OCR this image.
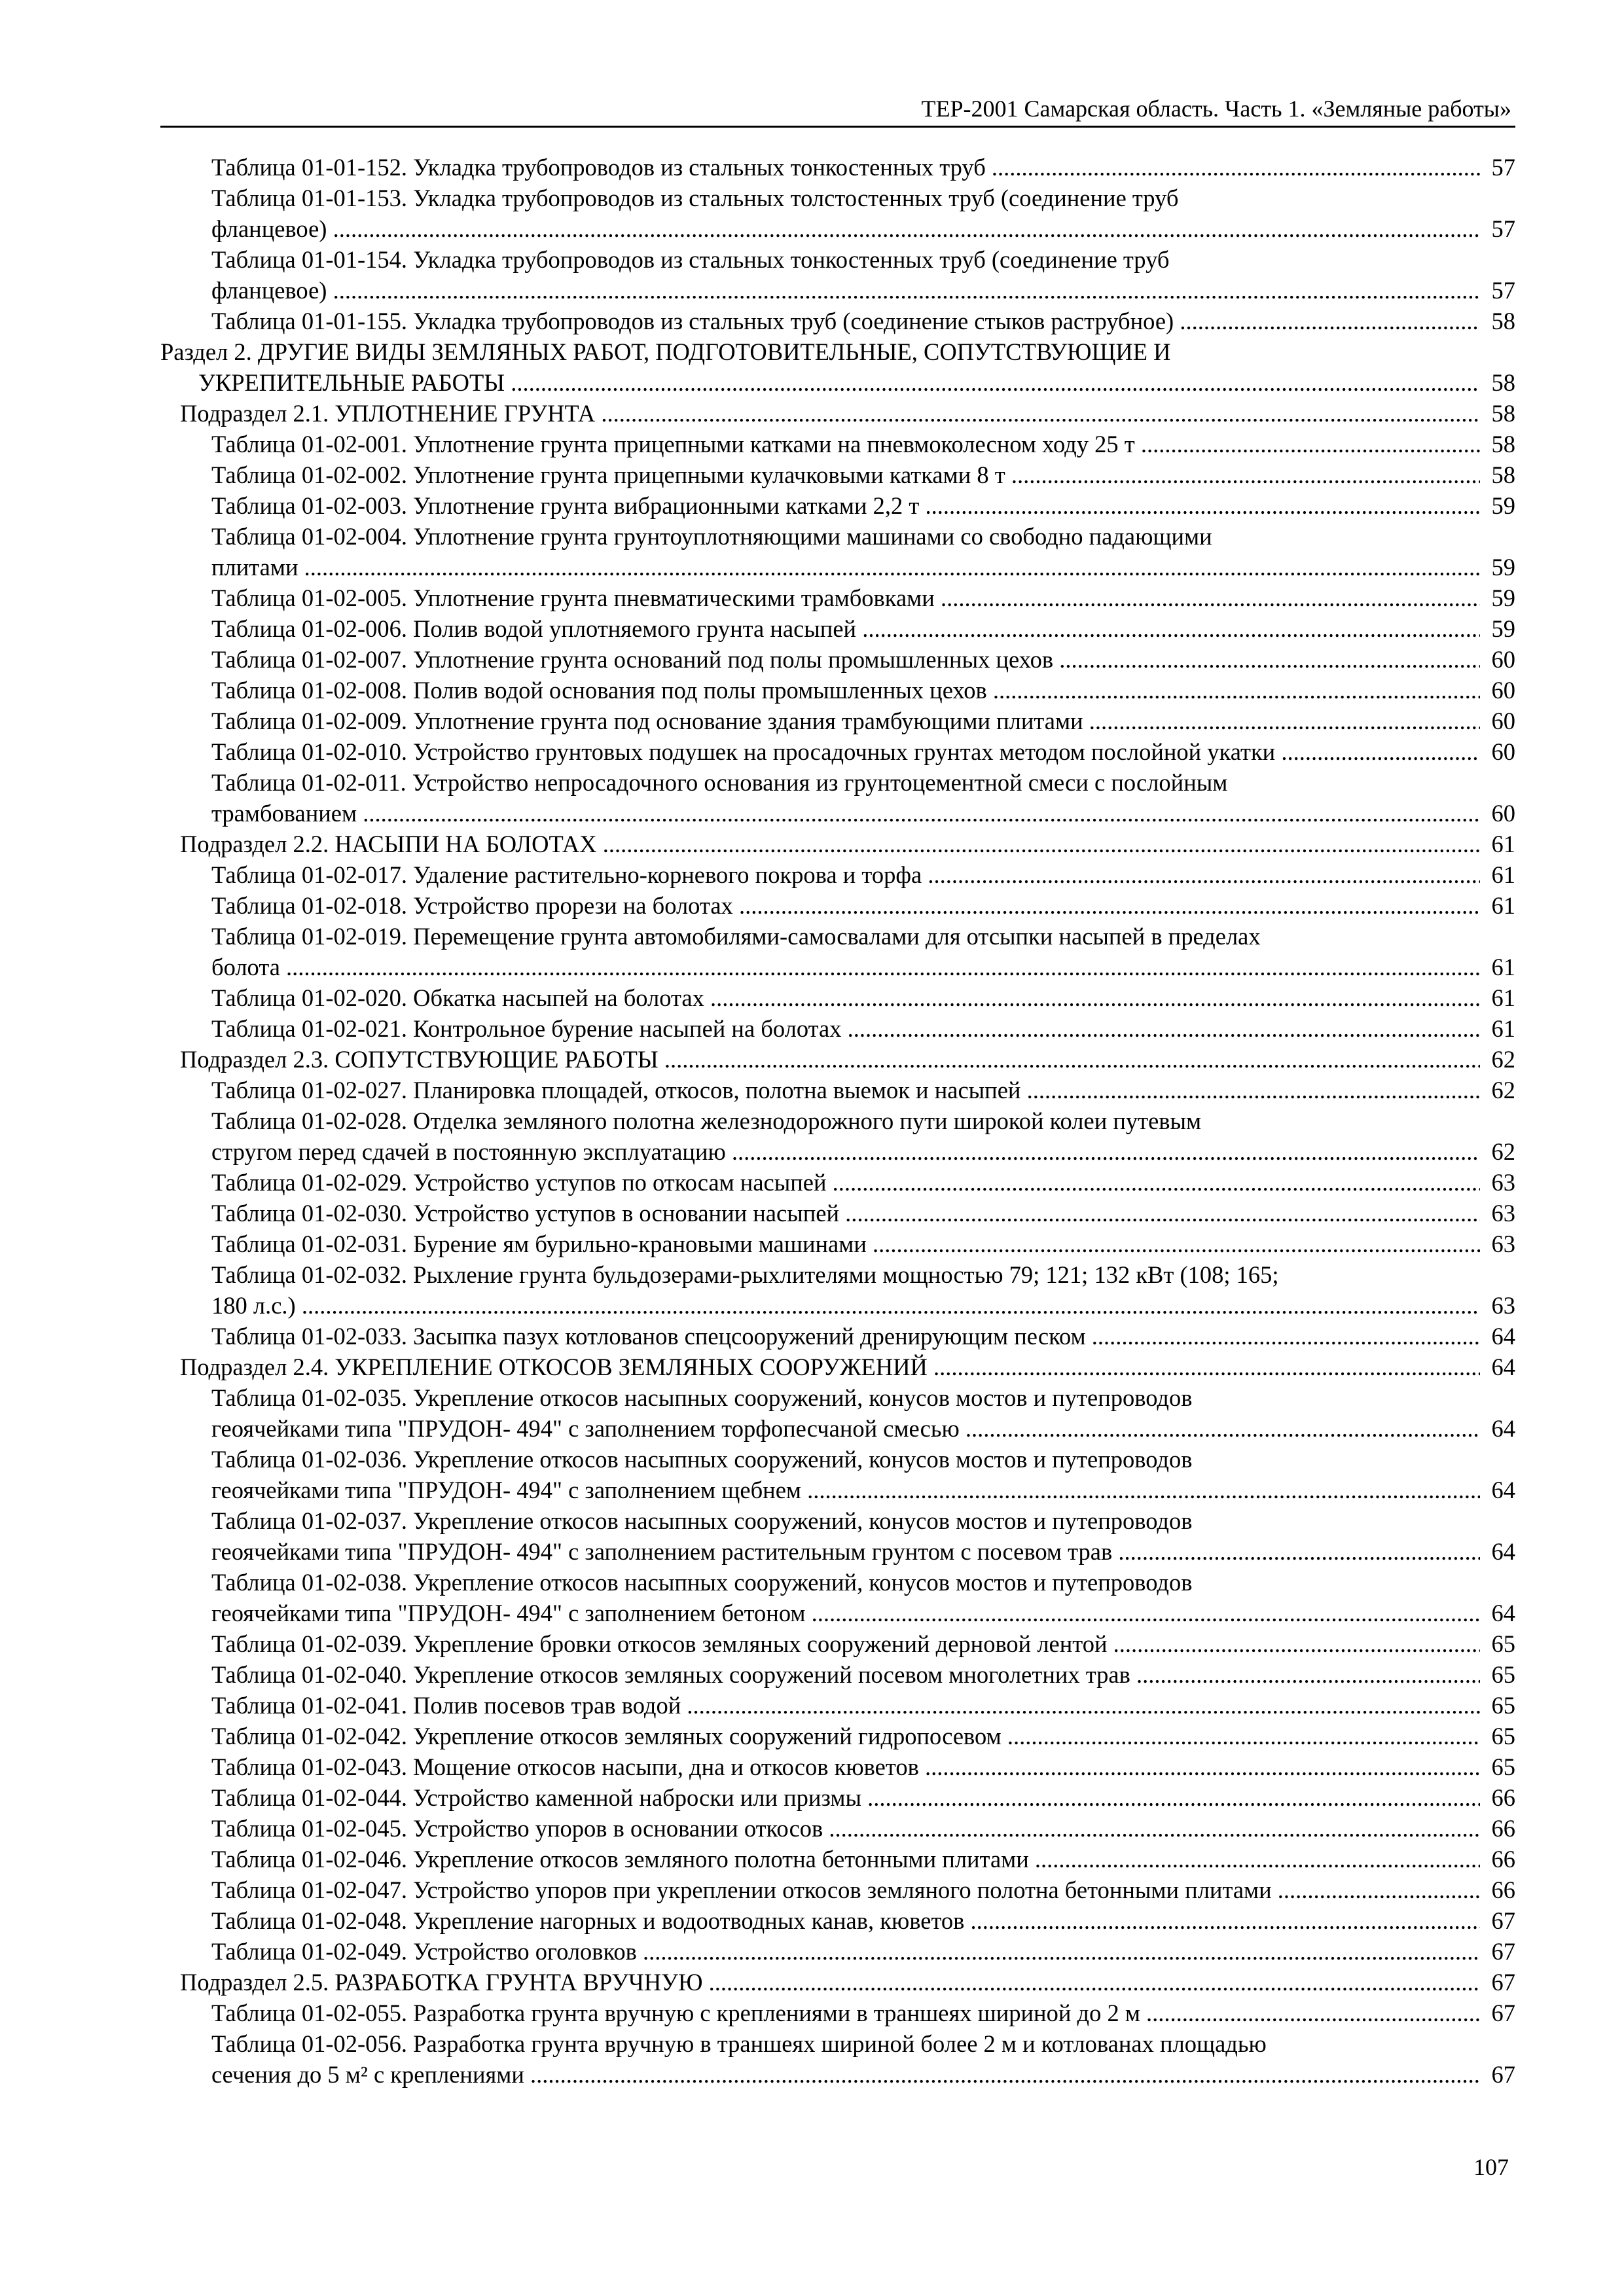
ТЕР-2001 Самарская область. Часть 1. «Земляные работы»
Таблица 01-01-152. Укладка трубопроводов из стальных тонкостенных труб .....	57
Таблица 01-01-153. Укладка трубопроводов из стальных толстостенных труб (соединение труб
фланцевое) .....	57
Таблица 01-01-154. Укладка трубопроводов из стальных тонкостенных труб (соединение труб
фланцевое) .....	57
Таблица 01-01-155. Укладка трубопроводов из стальных труб (соединение стыков раструбное) .....	58
Раздел 2. ДРУГИЕ ВИДЫ ЗЕМЛЯНЫХ РАБОТ, ПОДГОТОВИТЕЛЬНЫЕ, СОПУТСТВУЮЩИЕ И
УКРЕПИТЕЛЬНЫЕ РАБОТЫ .....	58
Подраздел 2.1. УПЛОТНЕНИЕ ГРУНТА .....	58
Таблица 01-02-001. Уплотнение грунта прицепными катками на пневмоколесном ходу 25 т .....	58
Таблица 01-02-002. Уплотнение грунта прицепными кулачковыми катками 8 т .....	58
Таблица 01-02-003. Уплотнение грунта вибрационными катками 2,2 т .....	59
Таблица 01-02-004. Уплотнение грунта грунтоуплотняющими машинами со свободно падающими
плитами .....	59
Таблица 01-02-005. Уплотнение грунта пневматическими трамбовками .....	59
Таблица 01-02-006. Полив водой уплотняемого грунта насыпей .....	59
Таблица 01-02-007. Уплотнение грунта оснований под полы промышленных цехов .....	60
Таблица 01-02-008. Полив водой основания под полы промышленных цехов .....	60
Таблица 01-02-009. Уплотнение грунта под основание здания трамбующими плитами .....	60
Таблица 01-02-010. Устройство грунтовых подушек на просадочных грунтах методом послойной укатки .....	60
Таблица 01-02-011. Устройство непросадочного основания из грунтоцементной смеси с послойным
трамбованием .....	60
Подраздел 2.2. НАСЫПИ НА БОЛОТАХ .....	61
Таблица 01-02-017. Удаление растительно-корневого покрова и торфа .....	61
Таблица 01-02-018. Устройство прорези на болотах .....	61
Таблица 01-02-019. Перемещение грунта автомобилями-самосвалами для отсыпки насыпей в пределах
болота .....	61
Таблица 01-02-020. Обкатка насыпей на болотах .....	61
Таблица 01-02-021. Контрольное бурение насыпей на болотах .....	61
Подраздел 2.3. СОПУТСТВУЮЩИЕ РАБОТЫ .....	62
Таблица 01-02-027. Планировка площадей, откосов, полотна выемок и насыпей .....	62
Таблица 01-02-028. Отделка земляного полотна железнодорожного пути широкой колеи путевым
стругом перед сдачей в постоянную эксплуатацию .....	62
Таблица 01-02-029. Устройство уступов по откосам насыпей .....	63
Таблица 01-02-030. Устройство уступов в основании насыпей .....	63
Таблица 01-02-031. Бурение ям бурильно-крановыми машинами .....	63
Таблица 01-02-032. Рыхление грунта бульдозерами-рыхлителями мощностью 79; 121; 132 кВт (108; 165;
180 л.с.) .....	63
Таблица 01-02-033. Засыпка пазух котлованов спецсооружений дренирующим песком .....	64
Подраздел 2.4. УКРЕПЛЕНИЕ ОТКОСОВ ЗЕМЛЯНЫХ СООРУЖЕНИЙ .....	64
Таблица 01-02-035. Укрепление откосов насыпных сооружений, конусов мостов и путепроводов
геоячейками типа "ПРУДОН- 494" с заполнением торфопесчаной смесью .....	64
Таблица 01-02-036. Укрепление откосов насыпных сооружений, конусов мостов и путепроводов
геоячейками типа "ПРУДОН- 494" с заполнением щебнем .....	64
Таблица 01-02-037. Укрепление откосов насыпных сооружений, конусов мостов и путепроводов
геоячейками типа "ПРУДОН- 494" с заполнением растительным грунтом с посевом трав .....	64
Таблица 01-02-038. Укрепление откосов насыпных сооружений, конусов мостов и путепроводов
геоячейками типа "ПРУДОН- 494" с заполнением бетоном .....	64
Таблица 01-02-039. Укрепление бровки откосов земляных сооружений дерновой лентой .....	65
Таблица 01-02-040. Укрепление откосов земляных сооружений посевом многолетних трав .....	65
Таблица 01-02-041. Полив посевов трав водой .....	65
Таблица 01-02-042. Укрепление откосов земляных сооружений гидропосевом .....	65
Таблица 01-02-043. Мощение откосов насыпи, дна и откосов кюветов .....	65
Таблица 01-02-044. Устройство каменной наброски или призмы .....	66
Таблица 01-02-045. Устройство упоров в основании откосов .....	66
Таблица 01-02-046. Укрепление откосов земляного полотна бетонными плитами .....	66
Таблица 01-02-047. Устройство упоров при укреплении откосов земляного полотна бетонными плитами .....	66
Таблица 01-02-048. Укрепление нагорных и водоотводных канав, кюветов .....	67
Таблица 01-02-049. Устройство оголовков .....	67
Подраздел 2.5. РАЗРАБОТКА ГРУНТА ВРУЧНУЮ .....	67
Таблица 01-02-055. Разработка грунта вручную с креплениями в траншеях шириной до 2 м .....	67
Таблица 01-02-056. Разработка грунта вручную в траншеях шириной более 2 м и котлованах площадью
сечения до 5 м² с креплениями .....	67
107
